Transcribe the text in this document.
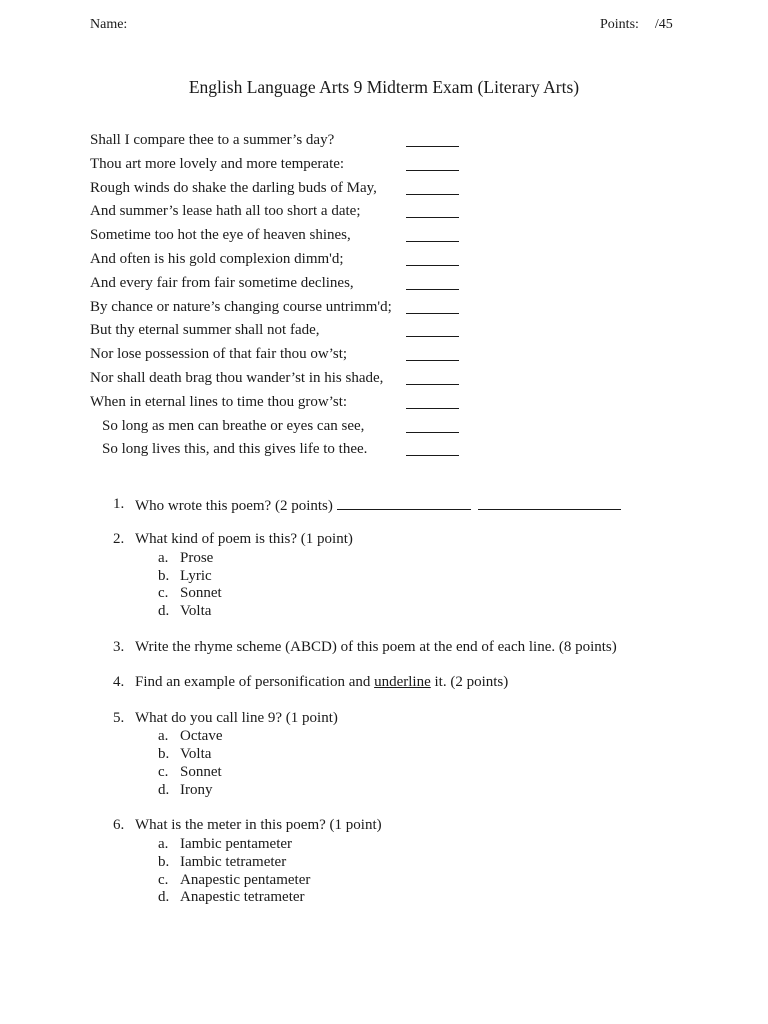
Name:	Points: /45
English Language Arts 9 Midterm Exam (Literary Arts)
Shall I compare thee to a summer’s day?
Thou art more lovely and more temperate:
Rough winds do shake the darling buds of May,
And summer’s lease hath all too short a date;
Sometime too hot the eye of heaven shines,
And often is his gold complexion dimm'd;
And every fair from fair sometime declines,
By chance or nature’s changing course untrimm'd;
But thy eternal summer shall not fade,
Nor lose possession of that fair thou ow’st;
Nor shall death brag thou wander’st in his shade,
When in eternal lines to time thou grow’st:
So long as men can breathe or eyes can see,
So long lives this, and this gives life to thee.
1. Who wrote this poem? (2 points)
2. What kind of poem is this? (1 point)
a. Prose
b. Lyric
c. Sonnet
d. Volta
3. Write the rhyme scheme (ABCD) of this poem at the end of each line. (8 points)
4. Find an example of personification and underline it. (2 points)
5. What do you call line 9? (1 point)
a. Octave
b. Volta
c. Sonnet
d. Irony
6. What is the meter in this poem? (1 point)
a. Iambic pentameter
b. Iambic tetrameter
c. Anapestic pentameter
d. Anapestic tetrameter
